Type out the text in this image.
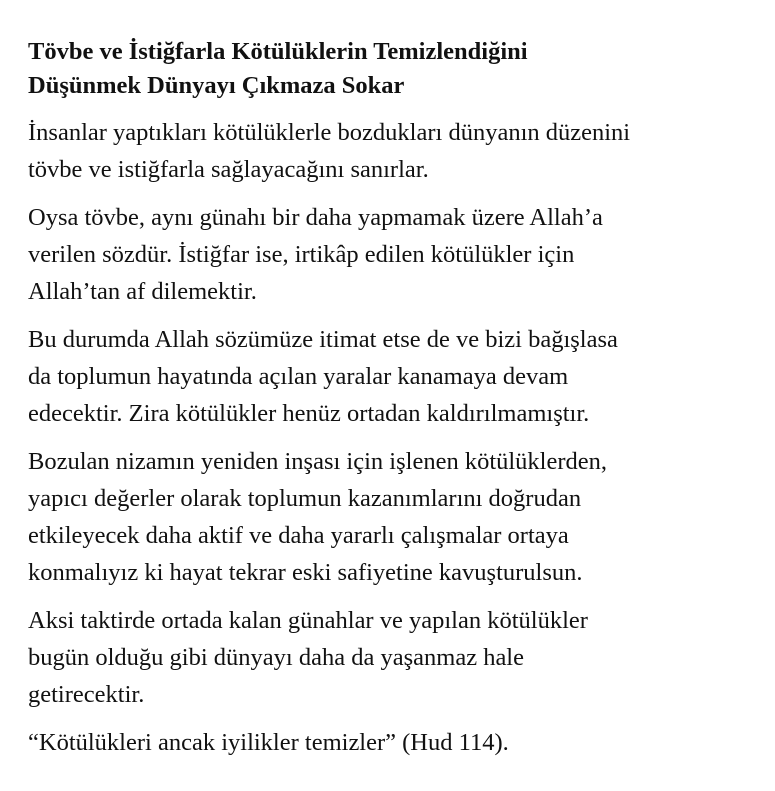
Tövbe ve İstiğfarla Kötülüklerin Temizlendiğini
Düşünmek Dünyayı Çıkmaza Sokar

İnsanlar yaptıkları kötülüklerle bozdukları dünyanın düzenini
tövbe ve istiğfarla sağlayacağını sanırlar.

Oysa tövbe, aynı günahı bir daha yapmamak üzere Allah’a
verilen sözdür. İstiğfar ise, irtikâp edilen kötülükler için
Allah’tan af dilemektir.

Bu durumda Allah sözümüze itimat etse de ve bizi bağışlasa
da toplumun hayatında açılan yaralar kanamaya devam
edecektir. Zira kötülükler henüz ortadan kaldırılmamıştır.

Bozulan nizamın yeniden inşası için işlenen kötülüklerden,
yapıcı değerler olarak toplumun kazanımlarını doğrudan
etkileyecek daha aktif ve daha yararlı çalışmalar ortaya
konmalıyız ki hayat tekrar eski safiyetine kavuşturulsun.

Aksi taktirde ortada kalan günahlar ve yapılan kötülükler
bugün olduğu gibi dünyayı daha da yaşanmaz hale
getirecektir.

“Kötülükleri ancak iyilikler temizler” (Hud 114).
